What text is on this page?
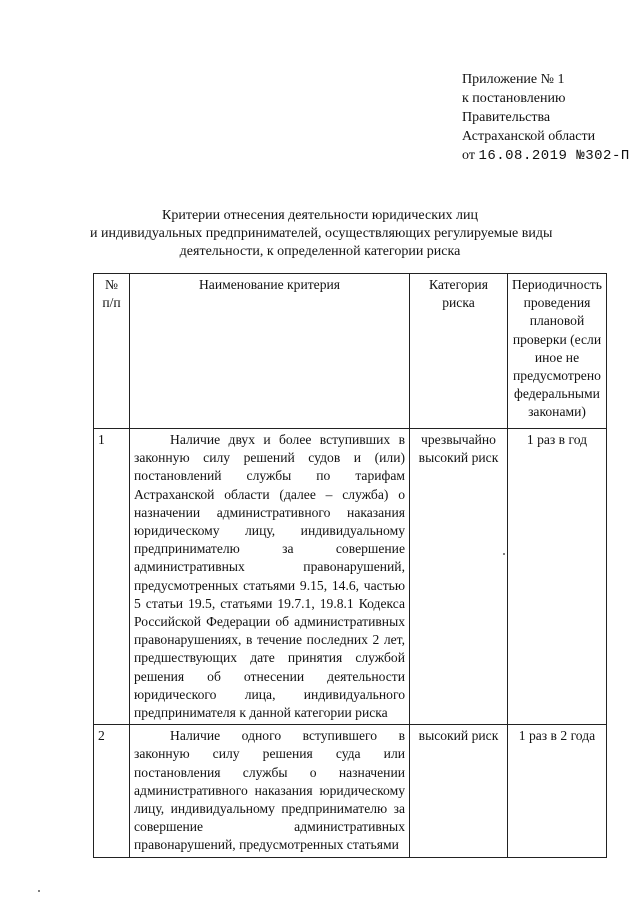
Приложение № 1
к постановлению
Правительства
Астраханской области
от 16.08.2019 №302-П
Критерии отнесения деятельности юридических лиц
и индивидуальных предпринимателей, осуществляющих регулируемые виды
деятельности, к определенной категории риска
№ п/п	Наименование критерия	Категория риска	Периодичность проведения плановой проверки (если иное не предусмотрено федеральными законами)
1	Наличие двух и более вступивших в законную силу решений судов и (или) постановлений службы по тарифам Астраханской области (далее – служба) о назначении административного наказания юридическому лицу, индивидуальному предпринимателю за совершение административных правонарушений, предусмотренных статьями 9.15, 14.6, частью 5 статьи 19.5, статьями 19.7.1, 19.8.1 Кодекса Российской Федерации об административных правонарушениях, в течение последних 2 лет, предшествующих дате принятия службой решения об отнесении деятельности юридического лица, индивидуального предпринимателя к данной категории риска	чрезвычайно высокий риск	1 раз в год
2	Наличие одного вступившего в законную силу решения суда или постановления службы о назначении административного наказания юридическому лицу, индивидуальному предпринимателю за совершение административных правонарушений, предусмотренных статьями	высокий риск	1 раз в 2 года
